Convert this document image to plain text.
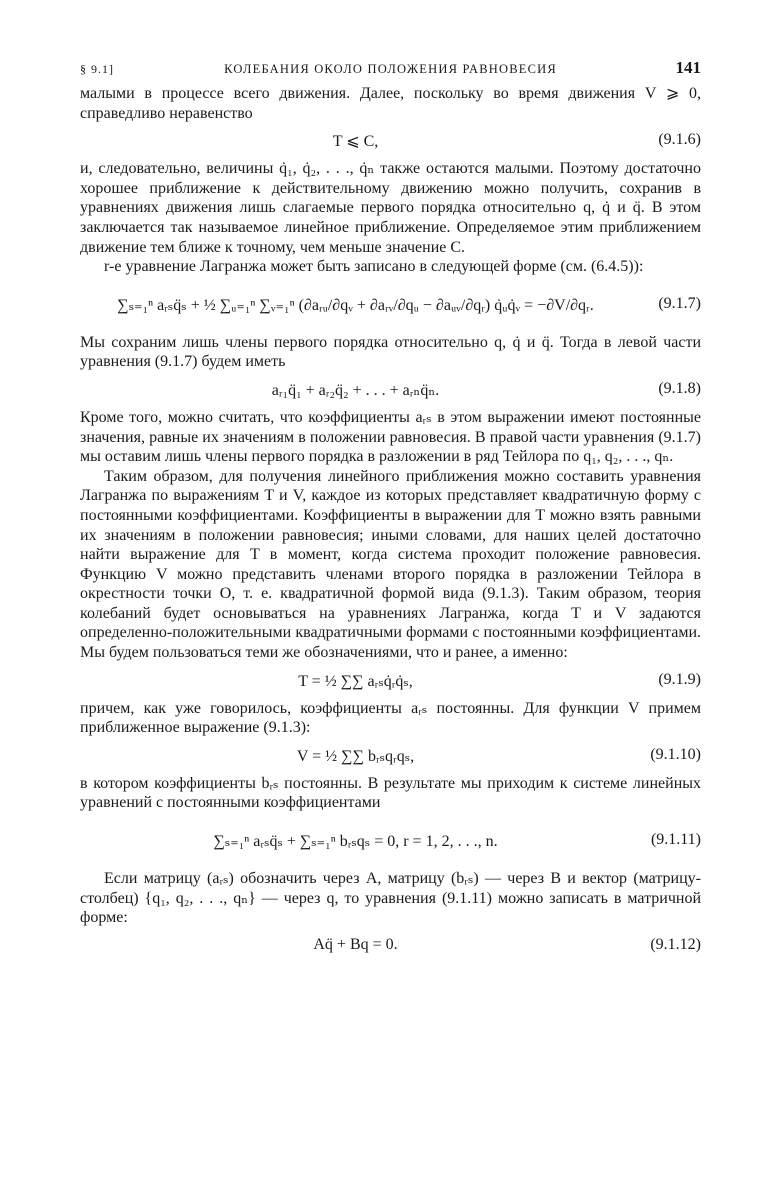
§ 9.1]	КОЛЕБАНИЯ ОКОЛО ПОЛОЖЕНИЯ РАВНОВЕСИЯ	141

малыми в процессе всего движения. Далее, поскольку во время движения V ⩾ 0, справедливо неравенство

T ⩽ C,	(9.1.6)

и, следовательно, величины q̇₁, q̇₂, . . ., q̇ₙ также остаются малыми. Поэтому достаточно хорошее приближение к действительному движению можно получить, сохранив в уравнениях движения лишь слагаемые первого порядка относительно q, q̇ и q̈. В этом заключается так называемое линейное приближение. Определяемое этим приближением движение тем ближе к точному, чем меньше значение C.

r-е уравнение Лагранжа может быть записано в следующей форме (см. (6.4.5)):

∑ₛ₌₁ⁿ aᵣₛq̈ₛ + ½ ∑ᵤ₌₁ⁿ ∑ᵥ₌₁ⁿ (∂aᵣᵤ/∂qᵥ + ∂aᵣᵥ/∂qᵤ − ∂aᵤᵥ/∂qᵣ) q̇ᵤq̇ᵥ = −∂V/∂qᵣ.	(9.1.7)

Мы сохраним лишь члены первого порядка относительно q, q̇ и q̈. Тогда в левой части уравнения (9.1.7) будем иметь

aᵣ₁q̈₁ + aᵣ₂q̈₂ + . . . + aᵣₙq̈ₙ.	(9.1.8)

Кроме того, можно считать, что коэффициенты aᵣₛ в этом выражении имеют постоянные значения, равные их значениям в положении равновесия. В правой части уравнения (9.1.7) мы оставим лишь члены первого порядка в разложении в ряд Тейлора по q₁, q₂, . . ., qₙ.

Таким образом, для получения линейного приближения можно составить уравнения Лагранжа по выражениям T и V, каждое из которых представляет квадратичную форму с постоянными коэффициентами. Коэффициенты в выражении для T можно взять равными их значениям в положении равновесия; иными словами, для наших целей достаточно найти выражение для T в момент, когда система проходит положение равновесия. Функцию V можно представить членами второго порядка в разложении Тейлора в окрестности точки O, т. е. квадратичной формой вида (9.1.3). Таким образом, теория колебаний будет основываться на уравнениях Лагранжа, когда T и V задаются определенно-положительными квадратичными формами с постоянными коэффициентами. Мы будем пользоваться теми же обозначениями, что и ранее, а именно:

T = ½ ∑∑ aᵣₛq̇ᵣq̇ₛ,	(9.1.9)

причем, как уже говорилось, коэффициенты aᵣₛ постоянны. Для функции V примем приближенное выражение (9.1.3):

V = ½ ∑∑ bᵣₛqᵣqₛ,	(9.1.10)

в котором коэффициенты bᵣₛ постоянны. В результате мы приходим к системе линейных уравнений с постоянными коэффициентами

∑ₛ₌₁ⁿ aᵣₛq̈ₛ + ∑ₛ₌₁ⁿ bᵣₛqₛ = 0, r = 1, 2, . . ., n.	(9.1.11)

Если матрицу (aᵣₛ) обозначить через A, матрицу (bᵣₛ) — через B и вектор (матрицу-столбец) {q₁, q₂, . . ., qₙ} — через q, то уравнения (9.1.11) можно записать в матричной форме:

Aq̈ + Bq = 0.	(9.1.12)
